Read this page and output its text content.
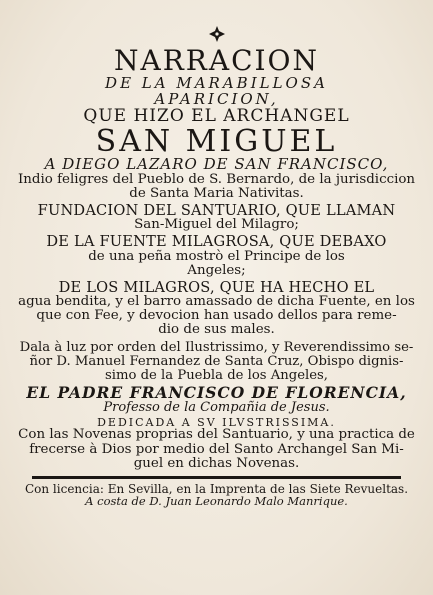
NARRACION

DE LA MARABILLOSA

APARICION,

QUE HIZO EL ARCHANGEL

SAN MIGUEL

A DIEGO LAZARO DE SAN FRANCISCO,

Indio feligres del Pueblo de S. Bernardo, de la jurisdiccion

de Santa Maria Nativitas.

FUNDACION DEL SANTUARIO, QUE LLAMAN

San-Miguel del Milagro;

DE LA FUENTE MILAGROSA, QUE DEBAXO

de una peña mostrò el Principe de los

Angeles;

DE LOS MILAGROS, QUE HA HECHO EL

agua bendita, y el barro amassado de dicha Fuente, en los

que con Fee, y devocion han usado dellos para reme-

dio de sus males.

Dala à luz por orden del Ilustrissimo, y Reverendissimo se-

ñor D. Manuel Fernandez de Santa Cruz, Obispo dignis-

simo de la Puebla de los Angeles,

EL PADRE FRANCISCO DE FLORENCIA,

Professo de la Compañia de Jesus.

DEDICADA A SV ILVSTRISSIMA.

Con las Novenas proprias del Santuario, y una practica de

frecerse à Dios por medio del Santo Archangel San Mi-

guel en dichas Novenas.

Con licencia: En Sevilla, en la Imprenta de las Siete Revueltas.

A costa de D. Juan Leonardo Malo Manrique.
